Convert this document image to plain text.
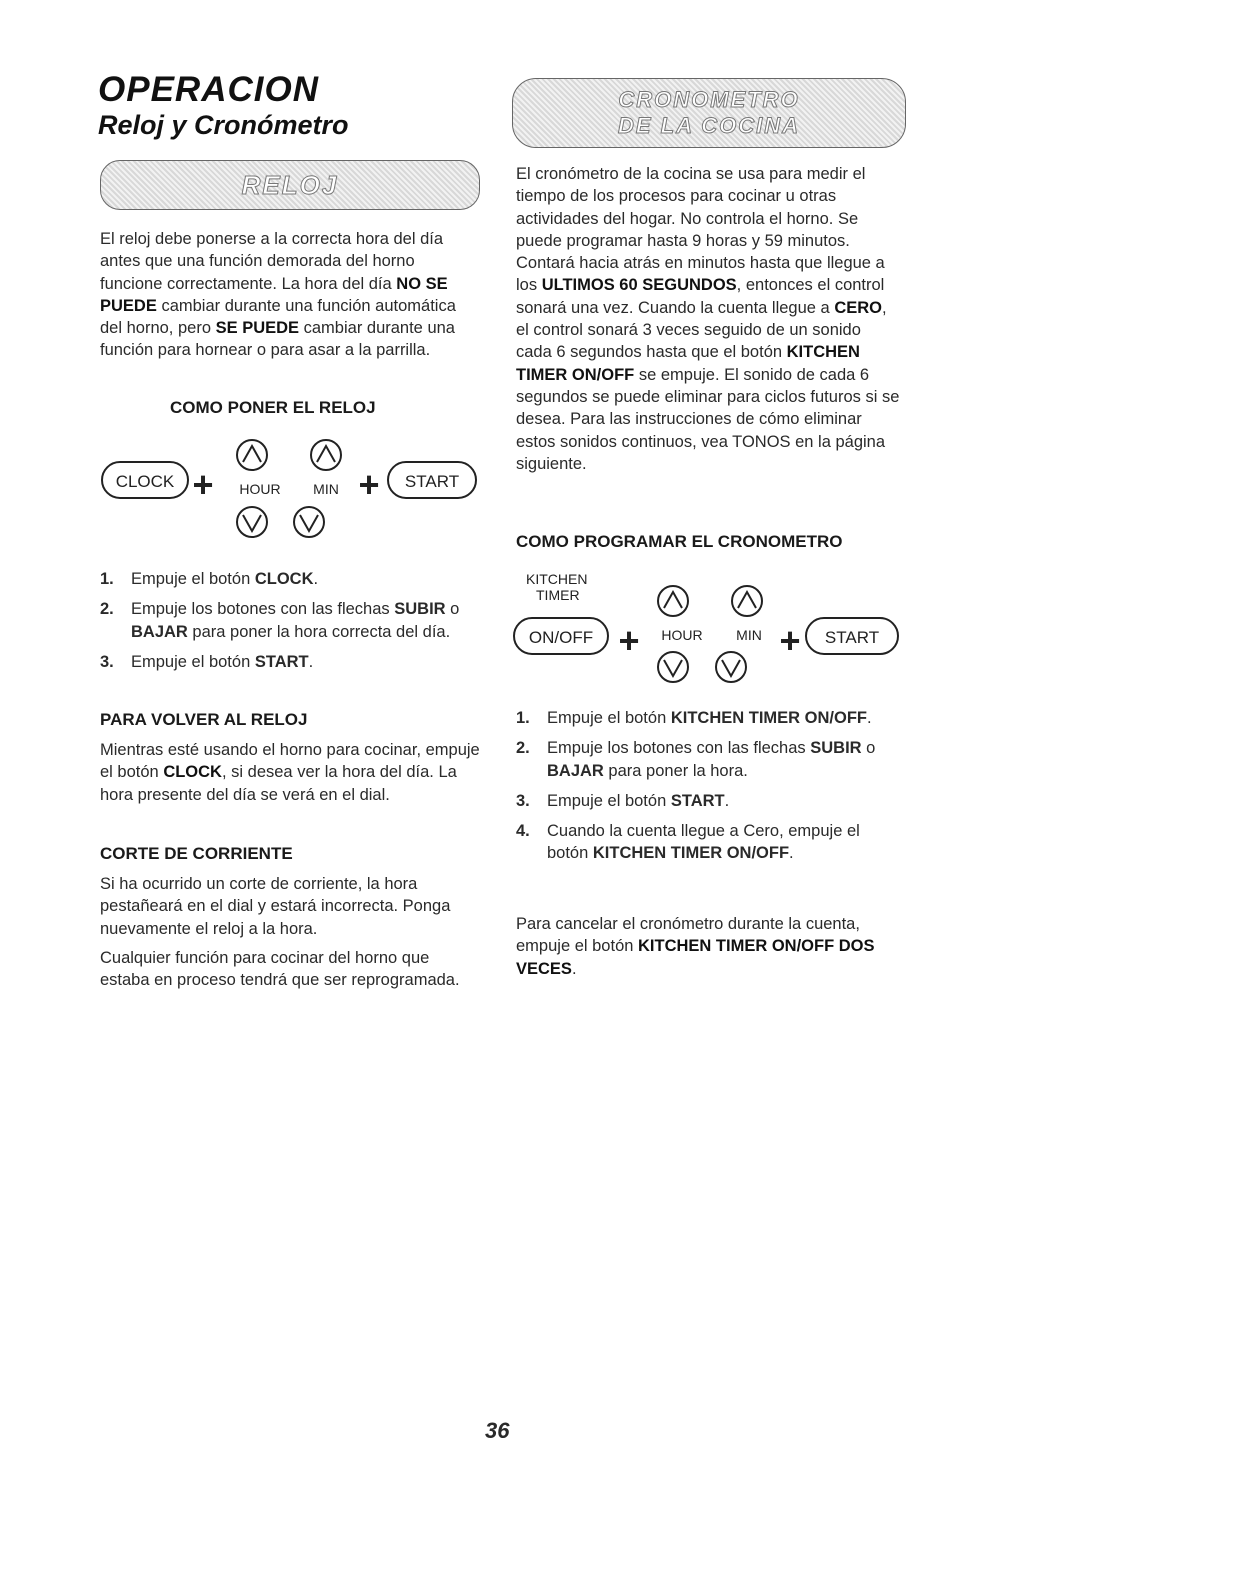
OPERACION
Reloj y Cronómetro
RELOJ

El reloj debe ponerse a la correcta hora del día antes que una función demorada del horno funcione correctamente. La hora del día NO SE PUEDE cambiar durante una función automática del horno, pero SE PUEDE cambiar durante una función para hornear o para asar a la parrilla.

COMO PONER EL RELOJ

CLOCK + HOUR MIN + START
1. Empuje el botón CLOCK.
2. Empuje los botones con las flechas SUBIR o BAJAR para poner la hora correcta del día.
3. Empuje el botón START.

PARA VOLVER AL RELOJ

Mientras esté usando el horno para cocinar, empuje el botón CLOCK, si desea ver la hora del día. La hora presente del día se verá en el dial.

CORTE DE CORRIENTE

Si ha ocurrido un corte de corriente, la hora pestañeará en el dial y estará incorrecta. Ponga nuevamente el reloj a la hora.

Cualquier función para cocinar del horno que estaba en proceso tendrá que ser reprogramada.

CRONOMETRO
DE LA COCINA

El cronómetro de la cocina se usa para medir el tiempo de los procesos para cocinar u otras actividades del hogar. No controla el horno. Se puede programar hasta 9 horas y 59 minutos. Contará hacia atrás en minutos hasta que llegue a los ULTIMOS 60 SEGUNDOS, entonces el control sonará una vez. Cuando la cuenta llegue a CERO, el control sonará 3 veces seguido de un sonido cada 6 segundos hasta que el botón KITCHEN TIMER ON/OFF se empuje. El sonido de cada 6 segundos se puede eliminar para ciclos futuros si se desea. Para las instrucciones de cómo eliminar estos sonidos continuos, vea TONOS en la página siguiente.

COMO PROGRAMAR EL CRONOMETRO

KITCHEN
TIMER
ON/OFF + HOUR MIN + START
1. Empuje el botón KITCHEN TIMER ON/OFF.
2. Empuje los botones con las flechas SUBIR o BAJAR para poner la hora.
3. Empuje el botón START.
4. Cuando la cuenta llegue a Cero, empuje el botón KITCHEN TIMER ON/OFF.

Para cancelar el cronómetro durante la cuenta, empuje el botón KITCHEN TIMER ON/OFF DOS VECES.

36
